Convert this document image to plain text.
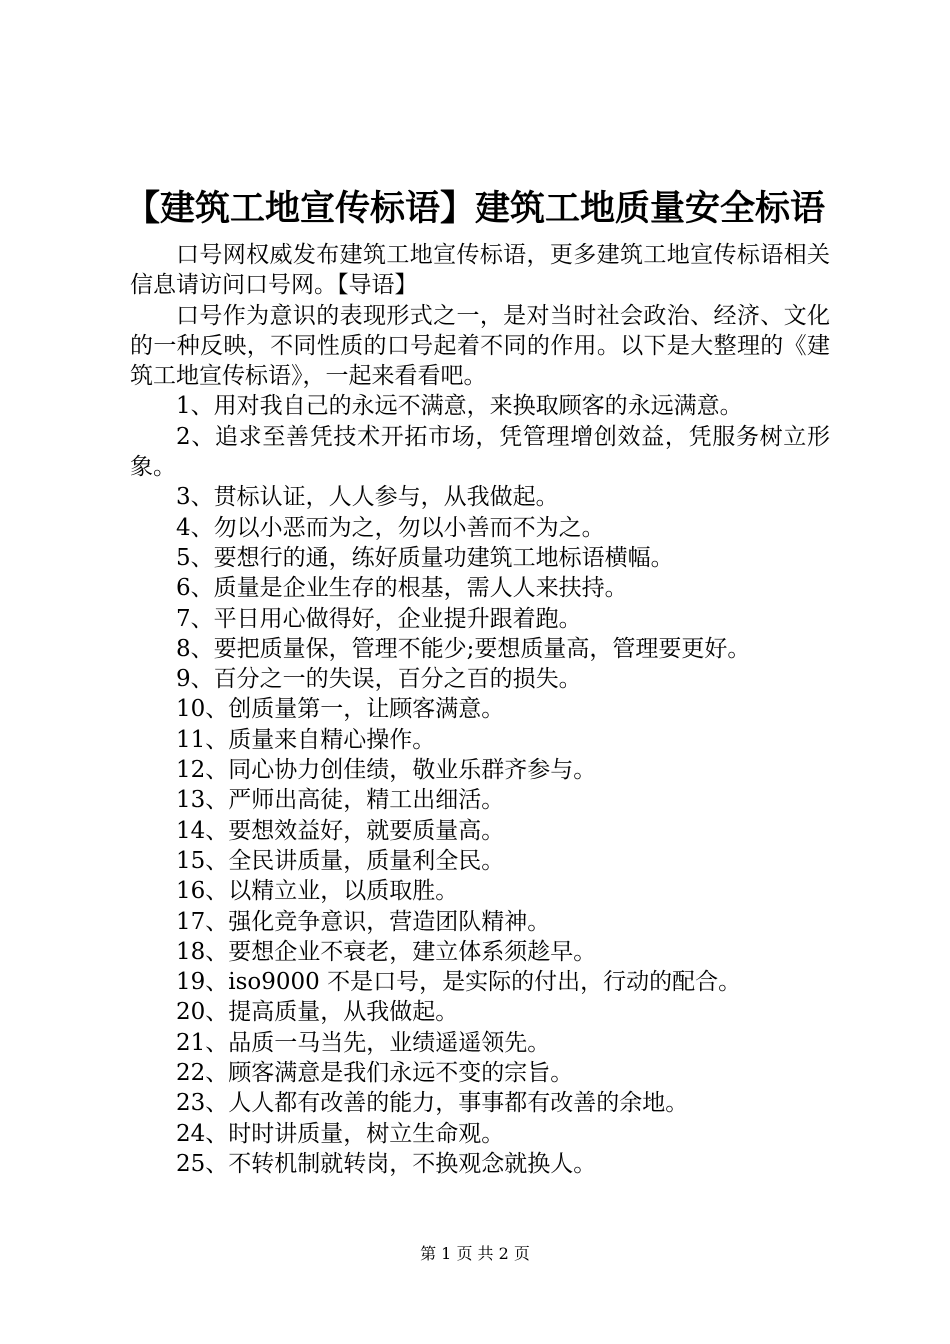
【建筑工地宣传标语】建筑工地质量安全标语

口号网权威发布建筑工地宣传标语，更多建筑工地宣传标语相关信息请访问口号网。【导语】

口号作为意识的表现形式之一，是对当时社会政治、经济、文化的一种反映，不同性质的口号起着不同的作用。以下是大整理的《建筑工地宣传标语》，一起来看看吧。

1、用对我自己的永远不满意，来换取顾客的永远满意。

2、追求至善凭技术开拓市场，凭管理增创效益，凭服务树立形象。

3、贯标认证，人人参与，从我做起。

4、勿以小恶而为之，勿以小善而不为之。

5、要想行的通，练好质量功建筑工地标语横幅。

6、质量是企业生存的根基，需人人来扶持。

7、平日用心做得好，企业提升跟着跑。

8、要把质量保，管理不能少;要想质量高，管理要更好。

9、百分之一的失误，百分之百的损失。

10、创质量第一，让顾客满意。

11、质量来自精心操作。

12、同心协力创佳绩，敬业乐群齐参与。

13、严师出高徒，精工出细活。

14、要想效益好，就要质量高。

15、全民讲质量，质量利全民。

16、以精立业，以质取胜。

17、强化竞争意识，营造团队精神。

18、要想企业不衰老，建立体系须趁早。

19、iso9000 不是口号，是实际的付出，行动的配合。

20、提高质量，从我做起。

21、品质一马当先，业绩遥遥领先。

22、顾客满意是我们永远不变的宗旨。

23、人人都有改善的能力，事事都有改善的余地。

24、时时讲质量，树立生命观。

25、不转机制就转岗，不换观念就换人。

第 1 页 共 2 页
